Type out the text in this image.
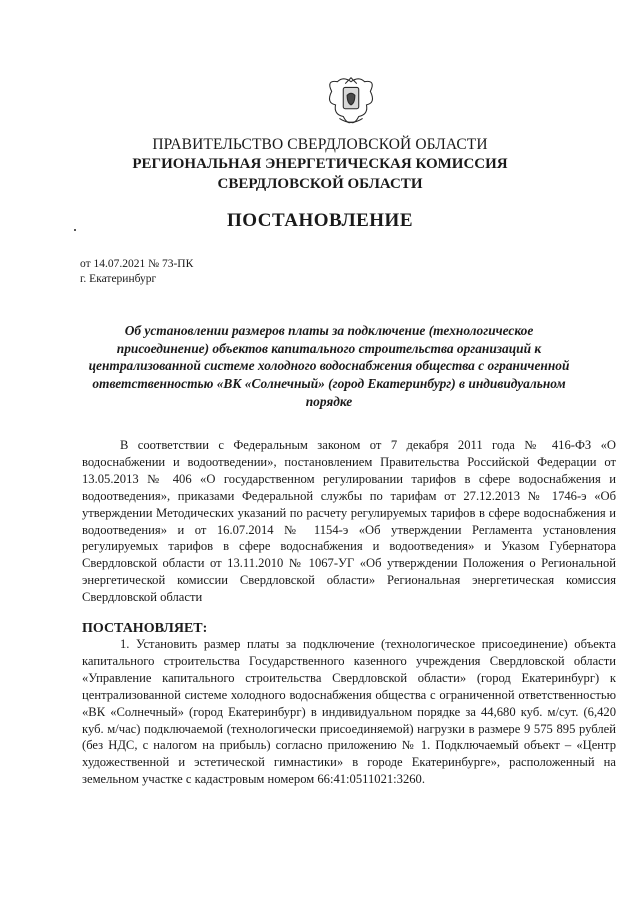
ПРАВИТЕЛЬСТВО СВЕРДЛОВСКОЙ ОБЛАСТИ
РЕГИОНАЛЬНАЯ ЭНЕРГЕТИЧЕСКАЯ КОМИССИЯ
СВЕРДЛОВСКОЙ ОБЛАСТИ
ПОСТАНОВЛЕНИЕ
от 14.07.2021 № 73-ПК
г. Екатеринбург
Об установлении размеров платы за подключение (технологическое присоединение) объектов капитального строительства организаций к централизованной системе холодного водоснабжения общества с ограниченной ответственностью «ВК «Солнечный» (город Екатеринбург) в индивидуальном порядке
В соответствии с Федеральным законом от 7 декабря 2011 года № 416-ФЗ «О водоснабжении и водоотведении», постановлением Правительства Российской Федерации от 13.05.2013 № 406 «О государственном регулировании тарифов в сфере водоснабжения и водоотведения», приказами Федеральной службы по тарифам от 27.12.2013 № 1746-э «Об утверждении Методических указаний по расчету регулируемых тарифов в сфере водоснабжения и водоотведения» и от 16.07.2014 № 1154-э «Об утверждении Регламента установления регулируемых тарифов в сфере водоснабжения и водоотведения» и Указом Губернатора Свердловской области от 13.11.2010 № 1067-УГ «Об утверждении Положения о Региональной энергетической комиссии Свердловской области» Региональная энергетическая комиссия Свердловской области
ПОСТАНОВЛЯЕТ:
1. Установить размер платы за подключение (технологическое присоединение) объекта капитального строительства Государственного казенного учреждения Свердловской области «Управление капитального строительства Свердловской области» (город Екатеринбург) к централизованной системе холодного водоснабжения общества с ограниченной ответственностью «ВК «Солнечный» (город Екатеринбург) в индивидуальном порядке за 44,680 куб. м/сут. (6,420 куб. м/час) подключаемой (технологически присоединяемой) нагрузки в размере 9 575 895 рублей (без НДС, с налогом на прибыль) согласно приложению № 1. Подключаемый объект – «Центр художественной и эстетической гимнастики» в городе Екатеринбурге», расположенный на земельном участке с кадастровым номером 66:41:0511021:3260.
